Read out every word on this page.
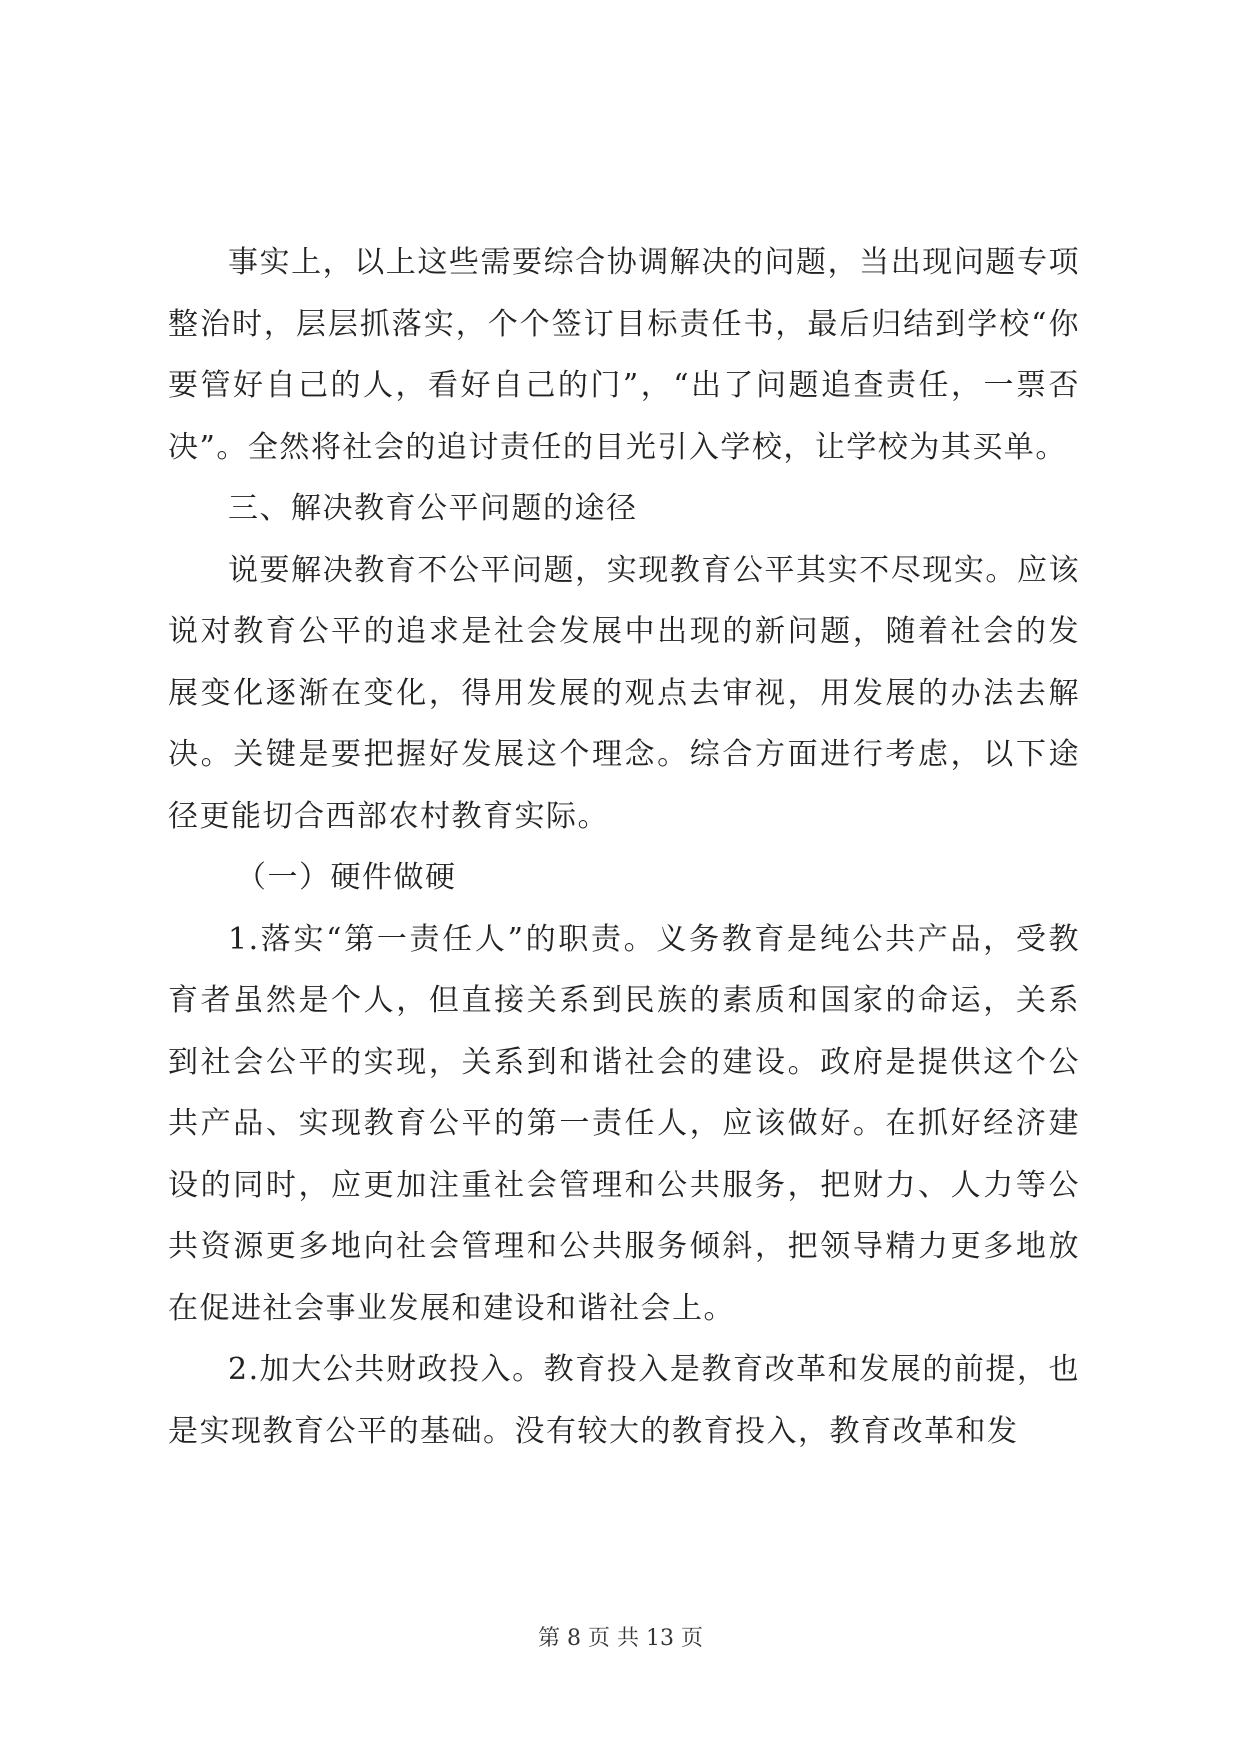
事实上，以上这些需要综合协调解决的问题，当出现问题专项整治时，层层抓落实，个个签订目标责任书，最后归结到学校“你要管好自己的人，看好自己的门”，“出了问题追查责任，一票否决”。全然将社会的追讨责任的目光引入学校，让学校为其买单。

三、解决教育公平问题的途径

说要解决教育不公平问题，实现教育公平其实不尽现实。应该说对教育公平的追求是社会发展中出现的新问题，随着社会的发展变化逐渐在变化，得用发展的观点去审视，用发展的办法去解决。关键是要把握好发展这个理念。综合方面进行考虑，以下途径更能切合西部农村教育实际。

（一）硬件做硬

1.落实“第一责任人”的职责。义务教育是纯公共产品，受教育者虽然是个人，但直接关系到民族的素质和国家的命运，关系到社会公平的实现，关系到和谐社会的建设。政府是提供这个公共产品、实现教育公平的第一责任人，应该做好。在抓好经济建设的同时，应更加注重社会管理和公共服务，把财力、人力等公共资源更多地向社会管理和公共服务倾斜，把领导精力更多地放在促进社会事业发展和建设和谐社会上。

2.加大公共财政投入。教育投入是教育改革和发展的前提，也是实现教育公平的基础。没有较大的教育投入，教育改革和发

第 8 页 共 13 页
